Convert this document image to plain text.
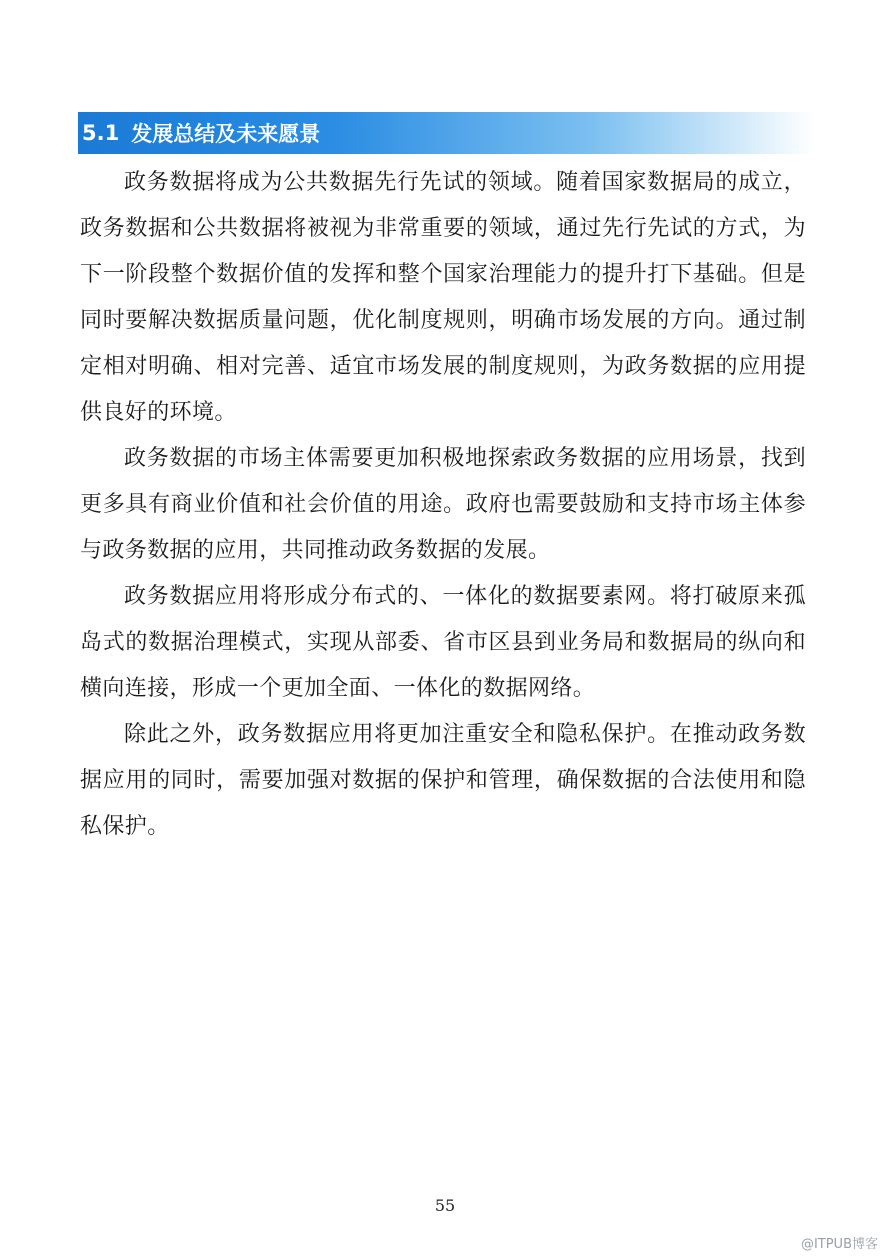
5.1 发展总结及未来愿景

政务数据将成为公共数据先行先试的领域。随着国家数据局的成立，政务数据和公共数据将被视为非常重要的领域，通过先行先试的方式，为下一阶段整个数据价值的发挥和整个国家治理能力的提升打下基础。但是同时要解决数据质量问题，优化制度规则，明确市场发展的方向。通过制定相对明确、相对完善、适宜市场发展的制度规则，为政务数据的应用提供良好的环境。

政务数据的市场主体需要更加积极地探索政务数据的应用场景，找到更多具有商业价值和社会价值的用途。政府也需要鼓励和支持市场主体参与政务数据的应用，共同推动政务数据的发展。

政务数据应用将形成分布式的、一体化的数据要素网。将打破原来孤岛式的数据治理模式，实现从部委、省市区县到业务局和数据局的纵向和横向连接，形成一个更加全面、一体化的数据网络。

除此之外，政务数据应用将更加注重安全和隐私保护。在推动政务数据应用的同时，需要加强对数据的保护和管理，确保数据的合法使用和隐私保护。

55
@ITPUB博客
